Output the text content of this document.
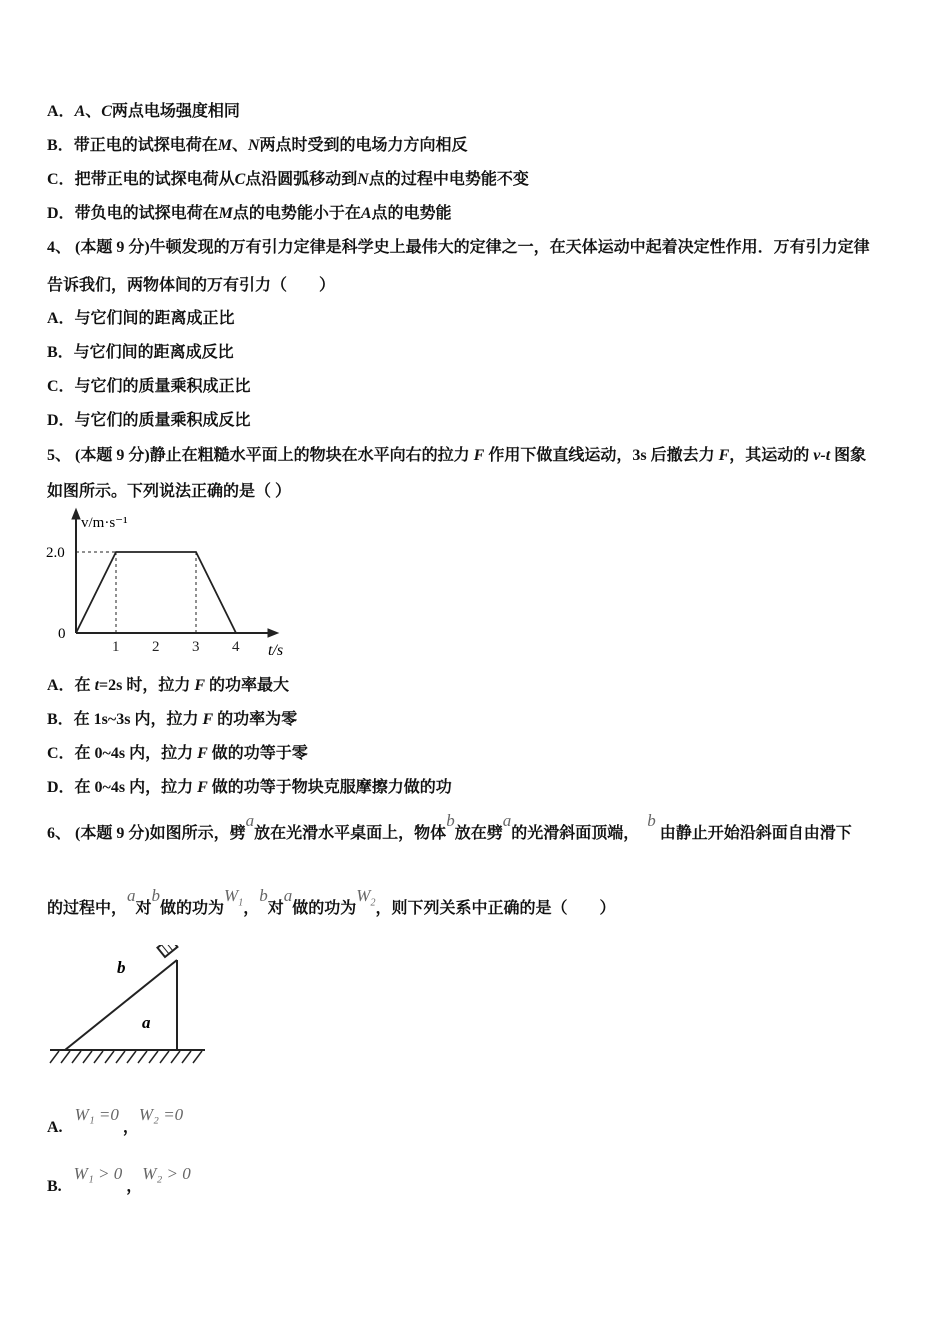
A．A、C两点电场强度相同
B．带正电的试探电荷在M、N两点时受到的电场力方向相反
C．把带正电的试探电荷从C点沿圆弧移动到N点的过程中电势能不变
D．带负电的试探电荷在M点的电势能小于在A点的电势能
4、 (本题 9 分)牛顿发现的万有引力定律是科学史上最伟大的定律之一，在天体运动中起着决定性作用．万有引力定律
告诉我们，两物体间的万有引力（　　）
A．与它们间的距离成正比
B．与它们间的距离成反比
C．与它们的质量乘积成正比
D．与它们的质量乘积成反比
5、 (本题 9 分)静止在粗糙水平面上的物块在水平向右的拉力 F 作用下做直线运动，3s 后撤去力 F，其运动的 v-t 图象
如图所示。下列说法正确的是（ ）
v/m·s⁻¹
t/s
0
2.0
1 2 3 4
A．在 t=2s 时，拉力 F 的功率最大
B．在 1s~3s 内，拉力 F 的功率为零
C．在 0~4s 内，拉力 F 做的功等于零
D．在 0~4s 内，拉力 F 做的功等于物块克服摩擦力做的功
6、 (本题 9 分)如图所示，劈a放在光滑水平桌面上，物体b放在劈a的光滑斜面顶端，  b 由静止开始沿斜面自由滑下
的过程中，a对b做的功为$W_1$，b对a做的功为$W_2$，则下列关系中正确的是（　　）
b
a
A.   W₁ =0 ，W₂ =0
B.   W₁ > 0 ，W₂ > 0
